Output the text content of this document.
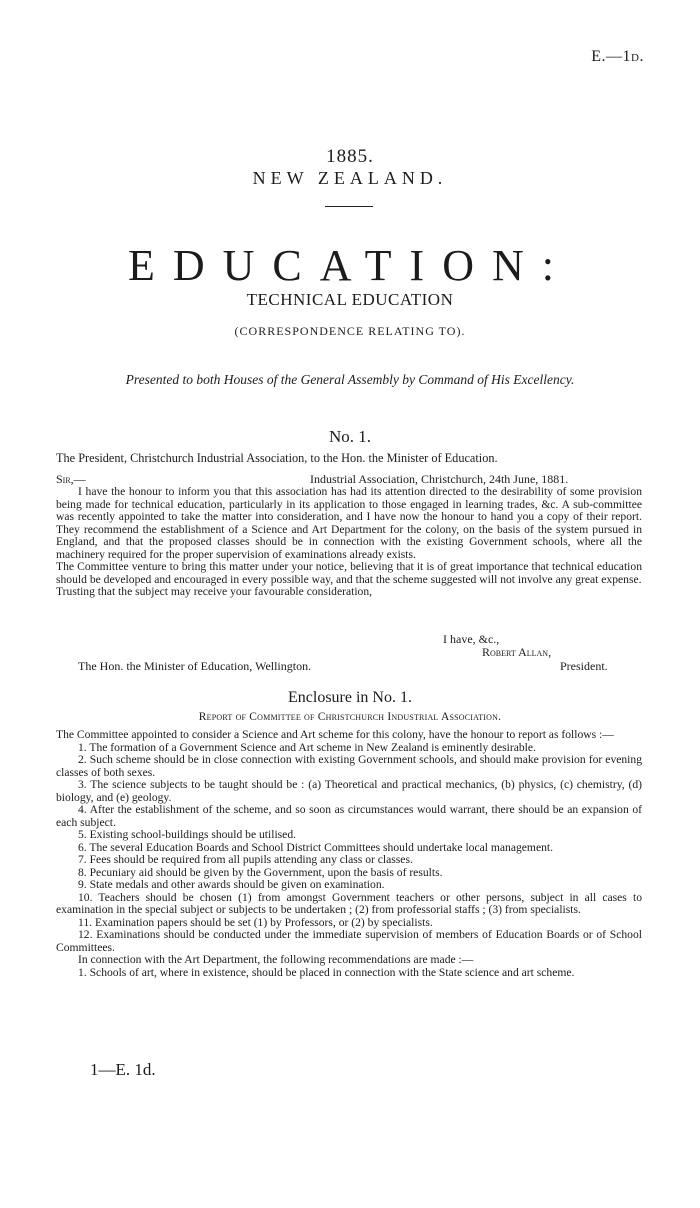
E.—1d.
1885.
NEW ZEALAND.
EDUCATION:
TECHNICAL EDUCATION
(CORRESPONDENCE RELATING TO).
Presented to both Houses of the General Assembly by Command of His Excellency.
No. 1.
The President, Christchurch Industrial Association, to the Hon. the Minister of Education.
Sir,—	Industrial Association, Christchurch, 24th June, 1881.

I have the honour to inform you that this association has had its attention directed to the desirability of some provision being made for technical education, particularly in its application to those engaged in learning trades, &c. A sub-committee was recently appointed to take the matter into consideration, and I have now the honour to hand you a copy of their report. They recommend the establishment of a Science and Art Department for the colony, on the basis of the system pursued in England, and that the proposed classes should be in connection with the existing Government schools, where all the machinery required for the proper supervision of examinations already exists.

The Committee venture to bring this matter under your notice, believing that it is of great importance that technical education should be developed and encouraged in every possible way, and that the scheme suggested will not involve any great expense.

Trusting that the subject may receive your favourable consideration,

I have, &c.,
Robert Allan,
The Hon. the Minister of Education, Wellington.	President.
Enclosure in No. 1.
Report of Committee of Christchurch Industrial Association.

The Committee appointed to consider a Science and Art scheme for this colony, have the honour to report as follows :—

1. The formation of a Government Science and Art scheme in New Zealand is eminently desirable.

2. Such scheme should be in close connection with existing Government schools, and should make provision for evening classes of both sexes.

3. The science subjects to be taught should be : (a) Theoretical and practical mechanics, (b) physics, (c) chemistry, (d) biology, and (e) geology.

4. After the establishment of the scheme, and so soon as circumstances would warrant, there should be an expansion of each subject.

5. Existing school-buildings should be utilised.

6. The several Education Boards and School District Committees should undertake local management.

7. Fees should be required from all pupils attending any class or classes.

8. Pecuniary aid should be given by the Government, upon the basis of results.

9. State medals and other awards should be given on examination.

10. Teachers should be chosen (1) from amongst Government teachers or other persons, subject in all cases to examination in the special subject or subjects to be undertaken ; (2) from professorial staffs ; (3) from specialists.

11. Examination papers should be set (1) by Professors, or (2) by specialists.

12. Examinations should be conducted under the immediate supervision of members of Education Boards or of School Committees.

In connection with the Art Department, the following recommendations are made :—

1. Schools of art, where in existence, should be placed in connection with the State science and art scheme.

1—E. 1d.
